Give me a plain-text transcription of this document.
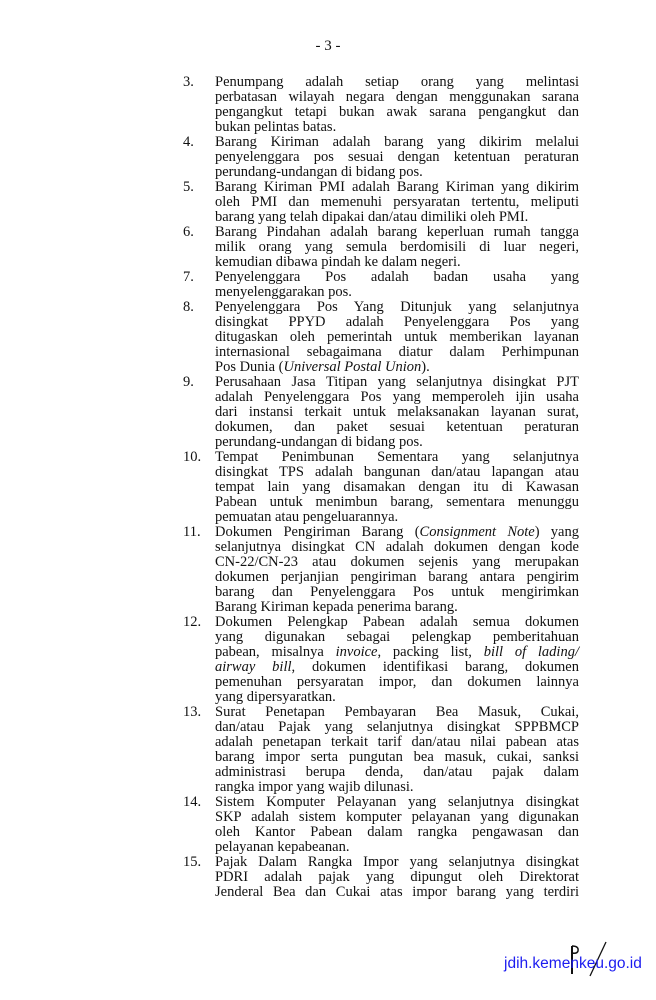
- 3 -
3. Penumpang adalah setiap orang yang melintasi
perbatasan wilayah negara dengan menggunakan sarana
pengangkut tetapi bukan awak sarana pengangkut dan
bukan pelintas batas.
4. Barang Kiriman adalah barang yang dikirim melalui
penyelenggara pos sesuai dengan ketentuan peraturan
perundang-undangan di bidang pos.
5. Barang Kiriman PMI adalah Barang Kiriman yang dikirim
oleh PMI dan memenuhi persyaratan tertentu, meliputi
barang yang telah dipakai dan/atau dimiliki oleh PMI.
6. Barang Pindahan adalah barang keperluan rumah tangga
milik orang yang semula berdomisili di luar negeri,
kemudian dibawa pindah ke dalam negeri.
7. Penyelenggara Pos adalah badan usaha yang
menyelenggarakan pos.
8. Penyelenggara Pos Yang Ditunjuk yang selanjutnya
disingkat PPYD adalah Penyelenggara Pos yang
ditugaskan oleh pemerintah untuk memberikan layanan
internasional sebagaimana diatur dalam Perhimpunan
Pos Dunia (Universal Postal Union).
9. Perusahaan Jasa Titipan yang selanjutnya disingkat PJT
adalah Penyelenggara Pos yang memperoleh ijin usaha
dari instansi terkait untuk melaksanakan layanan surat,
dokumen, dan paket sesuai ketentuan peraturan
perundang-undangan di bidang pos.
10. Tempat Penimbunan Sementara yang selanjutnya
disingkat TPS adalah bangunan dan/atau lapangan atau
tempat lain yang disamakan dengan itu di Kawasan
Pabean untuk menimbun barang, sementara menunggu
pemuatan atau pengeluarannya.
11. Dokumen Pengiriman Barang (Consignment Note) yang
selanjutnya disingkat CN adalah dokumen dengan kode
CN-22/CN-23 atau dokumen sejenis yang merupakan
dokumen perjanjian pengiriman barang antara pengirim
barang dan Penyelenggara Pos untuk mengirimkan
Barang Kiriman kepada penerima barang.
12. Dokumen Pelengkap Pabean adalah semua dokumen
yang digunakan sebagai pelengkap pemberitahuan
pabean, misalnya invoice, packing list, bill of lading/
airway bill, dokumen identifikasi barang, dokumen
pemenuhan persyaratan impor, dan dokumen lainnya
yang dipersyaratkan.
13. Surat Penetapan Pembayaran Bea Masuk, Cukai,
dan/atau Pajak yang selanjutnya disingkat SPPBMCP
adalah penetapan terkait tarif dan/atau nilai pabean atas
barang impor serta pungutan bea masuk, cukai, sanksi
administrasi berupa denda, dan/atau pajak dalam
rangka impor yang wajib dilunasi.
14. Sistem Komputer Pelayanan yang selanjutnya disingkat
SKP adalah sistem komputer pelayanan yang digunakan
oleh Kantor Pabean dalam rangka pengawasan dan
pelayanan kepabeanan.
15. Pajak Dalam Rangka Impor yang selanjutnya disingkat
PDRI adalah pajak yang dipungut oleh Direktorat
Jenderal Bea dan Cukai atas impor barang yang terdiri
jdih.kemenkeu.go.id
